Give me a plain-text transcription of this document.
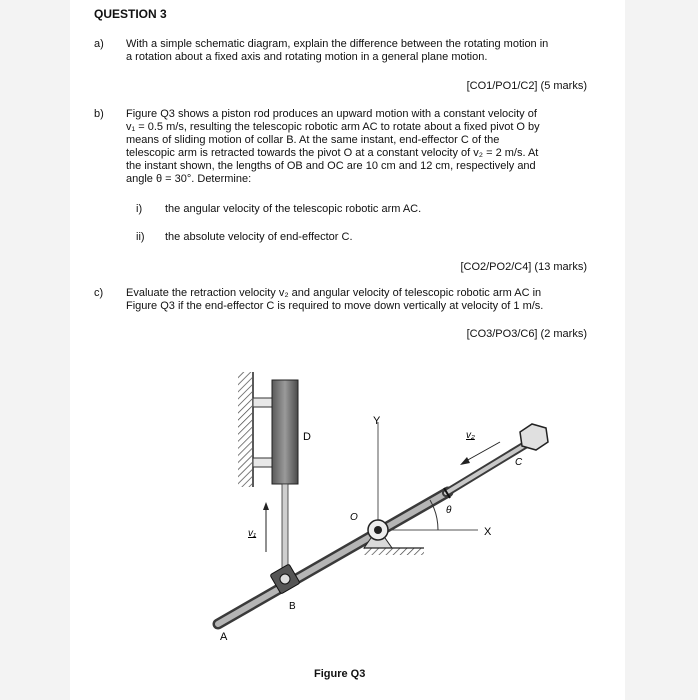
QUESTION 3
a) With a simple schematic diagram, explain the difference between the rotating motion in
a rotation about a fixed axis and rotating motion in a general plane motion.
[CO1/PO1/C2] (5 marks)
b) Figure Q3 shows a piston rod produces an upward motion with a constant velocity of
v₁ = 0.5 m/s, resulting the telescopic robotic arm AC to rotate about a fixed pivot O by
means of sliding motion of collar B. At the same instant, end-effector C of the
telescopic arm is retracted towards the pivot O at a constant velocity of v₂ = 2 m/s. At
the instant shown, the lengths of OB and OC are 10 cm and 12 cm, respectively and
angle θ = 30°. Determine:
i) the angular velocity of the telescopic robotic arm AC.
ii) the absolute velocity of end-effector C.
[CO2/PO2/C4] (13 marks)
c) Evaluate the retraction velocity v₂ and angular velocity of telescopic robotic arm AC in
Figure Q3 if the end-effector C is required to move down vertically at velocity of 1 m/s.
[CO3/PO3/C6] (2 marks)
D
Y
v₂
C
O
θ
X
v₁
B
A
Figure Q3
